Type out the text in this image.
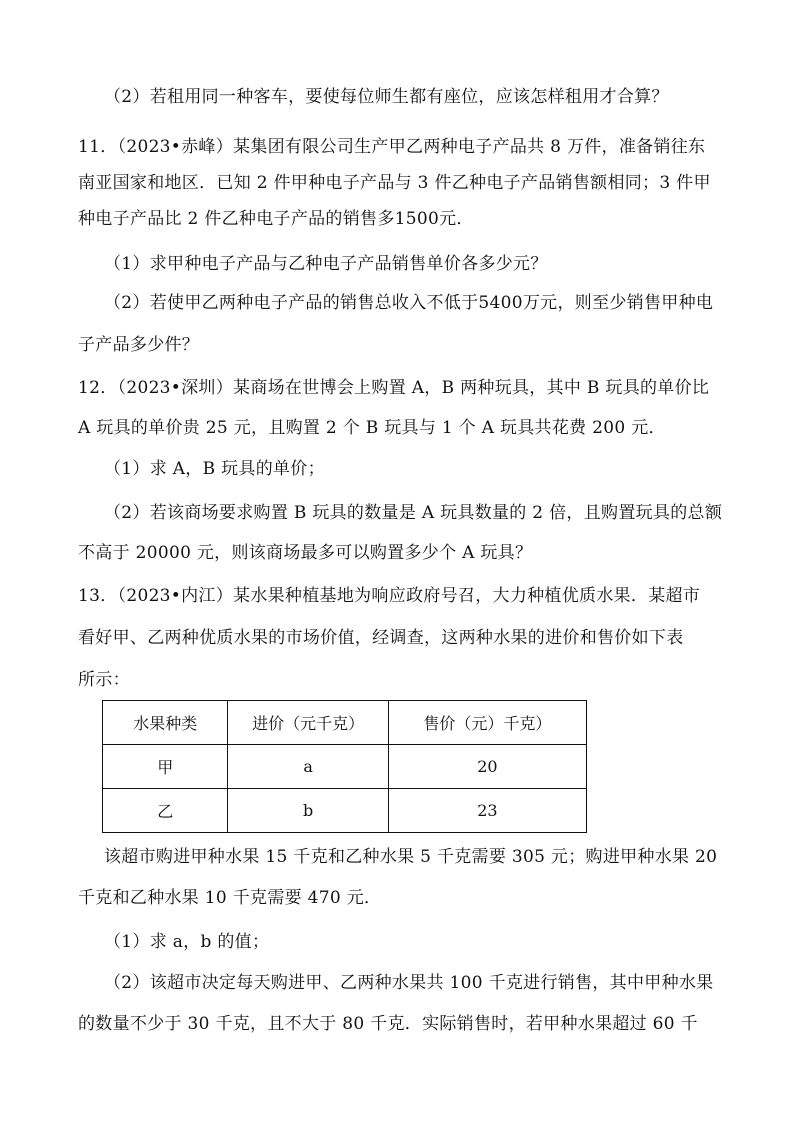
（2）若租用同一种客车，要使每位师生都有座位，应该怎样租用才合算？
11．（2023•赤峰）某集团有限公司生产甲乙两种电子产品共 8 万件，准备销往东
南亚国家和地区．已知 2 件甲种电子产品与 3 件乙种电子产品销售额相同；3 件甲
种电子产品比 2 件乙种电子产品的销售多1500元．
（1）求甲种电子产品与乙种电子产品销售单价各多少元？
（2）若使甲乙两种电子产品的销售总收入不低于5400万元，则至少销售甲种电
子产品多少件？
12．（2023•深圳）某商场在世博会上购置 A，B 两种玩具，其中 B 玩具的单价比
A 玩具的单价贵 25 元，且购置 2 个 B 玩具与 1 个 A 玩具共花费 200 元．
（1）求 A，B 玩具的单价；
（2）若该商场要求购置 B 玩具的数量是 A 玩具数量的 2 倍，且购置玩具的总额
不高于 20000 元，则该商场最多可以购置多少个 A 玩具？
13．（2023•内江）某水果种植基地为响应政府号召，大力种植优质水果．某超市
看好甲、乙两种优质水果的市场价值，经调查，这两种水果的进价和售价如下表
所示：
水果种类	进价（元千克）	售价（元）千克）
甲	a	20
乙	b	23
该超市购进甲种水果 15 千克和乙种水果 5 千克需要 305 元；购进甲种水果 20
千克和乙种水果 10 千克需要 470 元．
（1）求 a，b 的值；
（2）该超市决定每天购进甲、乙两种水果共 100 千克进行销售，其中甲种水果
的数量不少于 30 千克，且不大于 80 千克．实际销售时，若甲种水果超过 60 千
